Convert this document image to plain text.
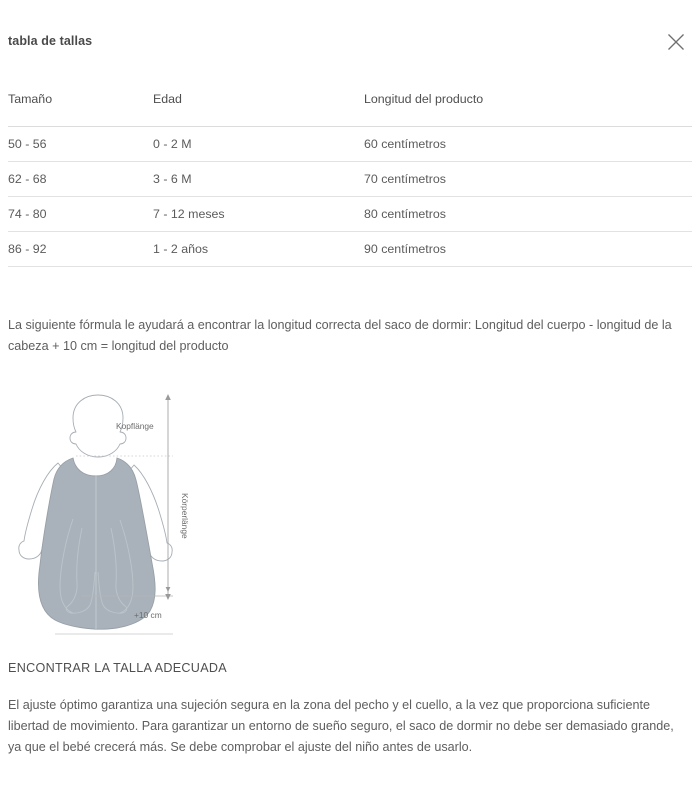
tabla de tallas
Tamaño	Edad	Longitud del producto
50 - 56	0 - 2 M	60 centímetros
62 - 68	3 - 6 M	70 centímetros
74 - 80	7 - 12 meses	80 centímetros
86 - 92	1 - 2 años	90 centímetros

La siguiente fórmula le ayudará a encontrar la longitud correcta del saco de dormir: Longitud del cuerpo - longitud de la cabeza + 10 cm = longitud del producto

Kopflänge
Körperlänge
+10 cm
ENCONTRAR LA TALLA ADECUADA

El ajuste óptimo garantiza una sujeción segura en la zona del pecho y el cuello, a la vez que proporciona suficiente libertad de movimiento. Para garantizar un entorno de sueño seguro, el saco de dormir no debe ser demasiado grande, ya que el bebé crecerá más. Se debe comprobar el ajuste del niño antes de usarlo.
